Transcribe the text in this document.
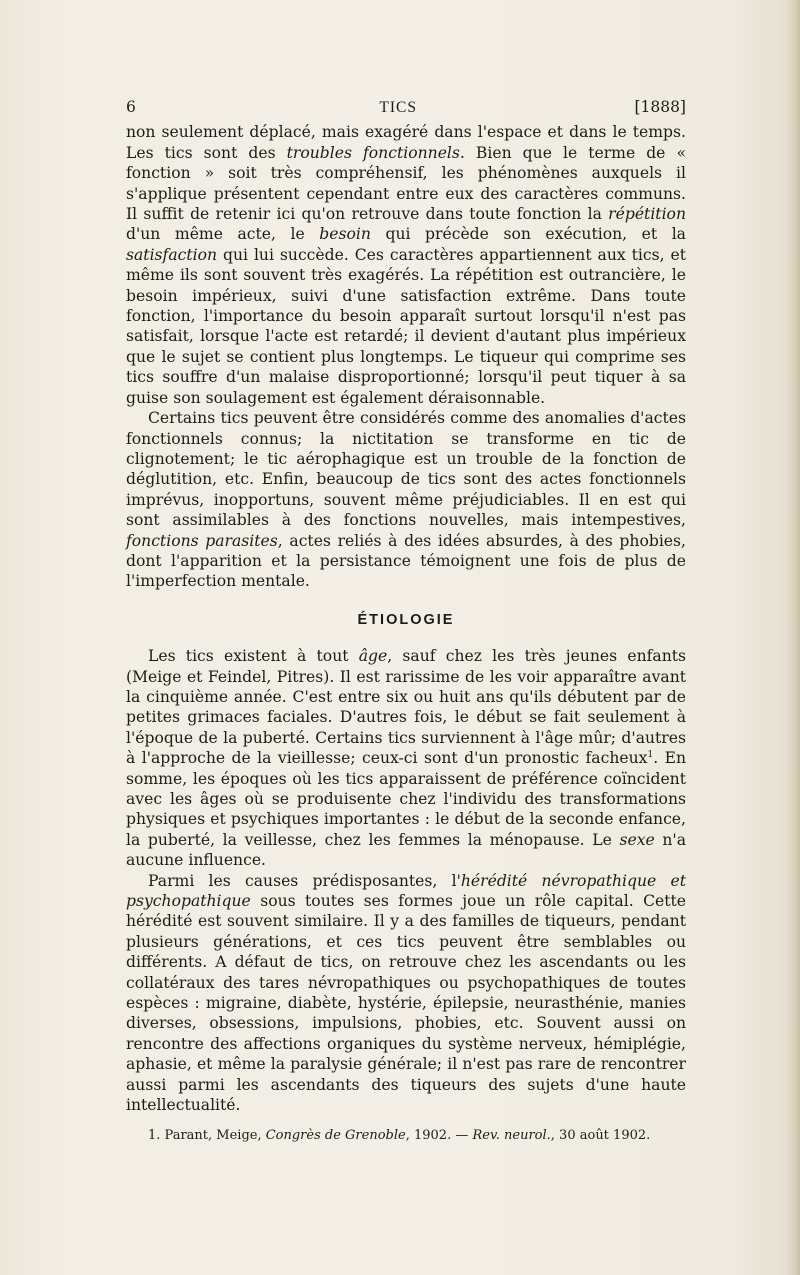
6	TICS	[1888]

non seulement déplacé, mais exagéré dans l'espace et dans le temps. Les tics sont des troubles fonctionnels. Bien que le terme de « fonction » soit très compréhensif, les phénomènes auxquels il s'applique présentent cependant entre eux des caractères communs. Il suffit de retenir ici qu'on retrouve dans toute fonction la répétition d'un même acte, le besoin qui précède son exécution, et la satisfaction qui lui succède. Ces caractères appartiennent aux tics, et même ils sont souvent très exagérés. La répétition est outrancière, le besoin impérieux, suivi d'une satisfaction extrême. Dans toute fonction, l'importance du besoin apparaît surtout lorsqu'il n'est pas satisfait, lorsque l'acte est retardé; il devient d'autant plus impérieux que le sujet se contient plus longtemps. Le tiqueur qui comprime ses tics souffre d'un malaise disproportionné; lorsqu'il peut tiquer à sa guise son soulagement est également déraisonnable.

Certains tics peuvent être considérés comme des anomalies d'actes fonctionnels connus; la nictitation se transforme en tic de clignotement; le tic aérophagique est un trouble de la fonction de déglutition, etc. Enfin, beaucoup de tics sont des actes fonctionnels imprévus, inopportuns, souvent même préjudiciables. Il en est qui sont assimilables à des fonctions nouvelles, mais intempestives, fonctions parasites, actes reliés à des idées absurdes, à des phobies, dont l'apparition et la persistance témoignent une fois de plus de l'imperfection mentale.

ÉTIOLOGIE

Les tics existent à tout âge, sauf chez les très jeunes enfants (Meige et Feindel, Pitres). Il est rarissime de les voir apparaître avant la cinquième année. C'est entre six ou huit ans qu'ils débutent par de petites grimaces faciales. D'autres fois, le début se fait seulement à l'époque de la puberté. Certains tics surviennent à l'âge mûr; d'autres à l'approche de la vieillesse; ceux-ci sont d'un pronostic facheux$^1$. En somme, les époques où les tics apparaissent de préférence coïncident avec les âges où se produisente chez l'individu des transformations physiques et psychiques importantes : le début de la seconde enfance, la puberté, la veillesse, chez les femmes la ménopause. Le sexe n'a aucune influence.

Parmi les causes prédisposantes, l'hérédité névropathique et psychopathique sous toutes ses formes joue un rôle capital. Cette hérédité est souvent similaire. Il y a des familles de tiqueurs, pendant plusieurs générations, et ces tics peuvent être semblables ou différents. A défaut de tics, on retrouve chez les ascendants ou les collatéraux des tares névropathiques ou psychopathiques de toutes espèces : migraine, diabète, hystérie, épilepsie, neurasthénie, manies diverses, obsessions, impulsions, phobies, etc. Souvent aussi on rencontre des affections organiques du système nerveux, hémiplégie, aphasie, et même la paralysie générale; il n'est pas rare de rencontrer aussi parmi les ascendants des tiqueurs des sujets d'une haute intellectualité.

1. Parant, Meige, Congrès de Grenoble, 1902. — Rev. neurol., 30 août 1902.
